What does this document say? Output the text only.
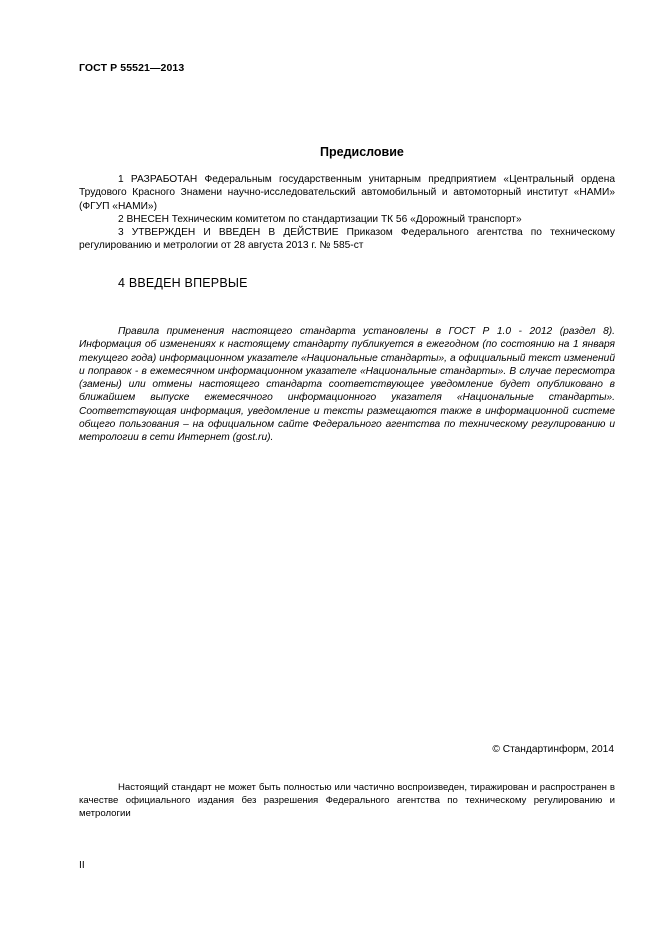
ГОСТ Р 55521—2013
Предисловие

1 РАЗРАБОТАН Федеральным государственным унитарным предприятием «Центральный ордена Трудового Красного Знамени научно-исследовательский автомобильный и автомоторный институт «НАМИ» (ФГУП «НАМИ»)

2 ВНЕСЕН Техническим комитетом по стандартизации ТК 56 «Дорожный транспорт»

3 УТВЕРЖДЕН И ВВЕДЕН В ДЕЙСТВИЕ Приказом Федерального агентства по техническому регулированию и метрологии от 28 августа 2013 г. № 585-ст

4 ВВЕДЕН ВПЕРВЫЕ
Правила применения настоящего стандарта установлены в ГОСТ Р 1.0 - 2012 (раздел 8). Информация об изменениях к настоящему стандарту публикуется в ежегодном (по состоянию на 1 января текущего года) информационном указателе «Национальные стандарты», а официальный текст изменений и поправок - в ежемесячном информационном указателе «Национальные стандарты». В случае пересмотра (замены) или отмены настоящего стандарта соответствующее уведомление будет опубликовано в ближайшем выпуске ежемесячного информационного указателя «Национальные стандарты». Соответствующая информация, уведомление и тексты размещаются также в информационной системе общего пользования – на официальном сайте Федерального агентства по техническому регулированию и метрологии в сети Интернет (gost.ru).
© Стандартинформ, 2014
Настоящий стандарт не может быть полностью или частично воспроизведен, тиражирован и распространен в качестве официального издания без разрешения Федерального агентства по техническому регулированию и метрологии
II
